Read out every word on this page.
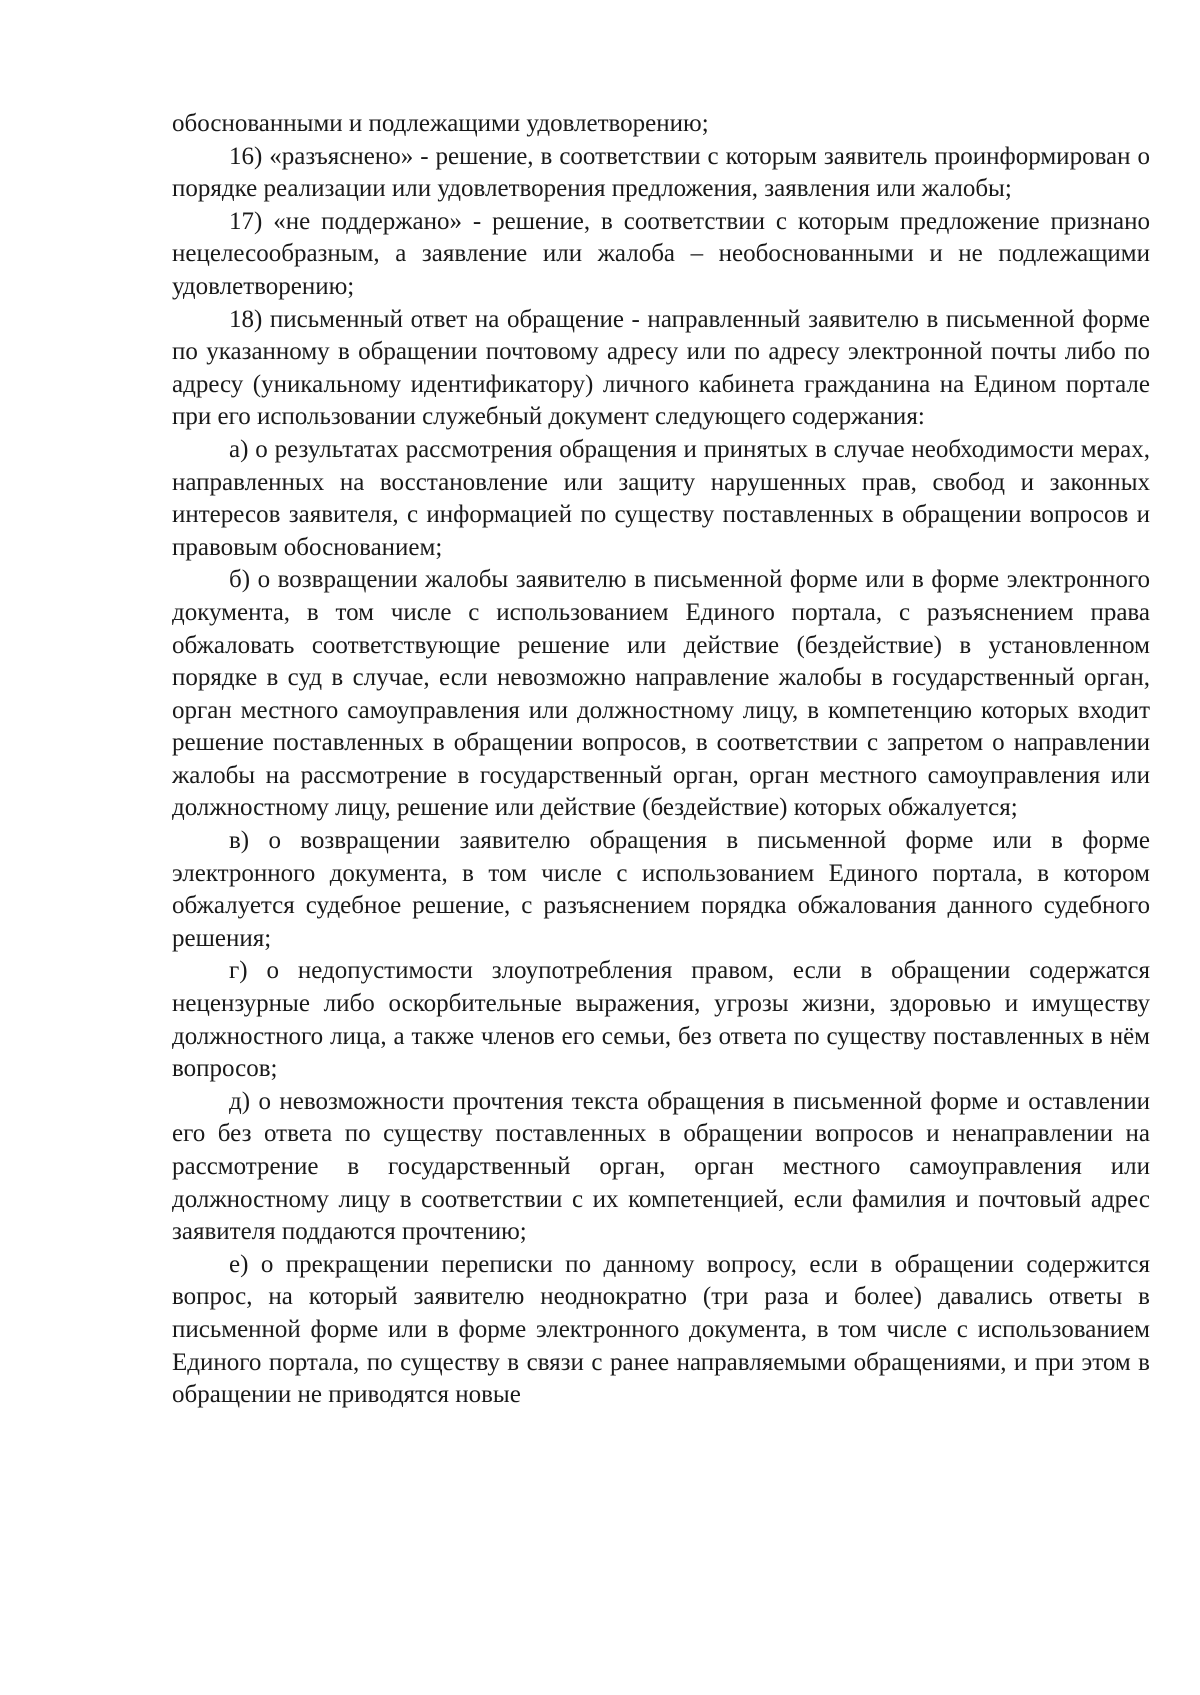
обоснованными и подлежащими удовлетворению;

16) «разъяснено» - решение, в соответствии с которым заявитель проинформирован о порядке реализации или удовлетворения предложения, заявления или жалобы;

17) «не поддержано» - решение, в соответствии с которым предложение признано нецелесообразным, а заявление или жалоба – необоснованными и не подлежащими удовлетворению;

18) письменный ответ на обращение - направленный заявителю в письменной форме по указанному в обращении почтовому адресу или по адресу электронной почты либо по адресу (уникальному идентификатору) личного кабинета гражданина на Едином портале при его использовании служебный документ следующего содержания:

а) о результатах рассмотрения обращения и принятых в случае необходимости мерах, направленных на восстановление или защиту нарушенных прав, свобод и законных интересов заявителя, с информацией по существу поставленных в обращении вопросов и правовым обоснованием;

б) о возвращении жалобы заявителю в письменной форме или в форме электронного документа, в том числе с использованием Единого портала, с разъяснением права обжаловать соответствующие решение или действие (бездействие) в установленном порядке в суд в случае, если невозможно направление жалобы в государственный орган, орган местного самоуправления или должностному лицу, в компетенцию которых входит решение поставленных в обращении вопросов, в соответствии с запретом о направлении жалобы на рассмотрение в государственный орган, орган местного самоуправления или должностному лицу, решение или действие (бездействие) которых обжалуется;

в) о возвращении заявителю обращения в письменной форме или в форме электронного документа, в том числе с использованием Единого портала, в котором обжалуется судебное решение, с разъяснением порядка обжалования данного судебного решения;

г) о недопустимости злоупотребления правом, если в обращении содержатся нецензурные либо оскорбительные выражения, угрозы жизни, здоровью и имуществу должностного лица, а также членов его семьи, без ответа по существу поставленных в нём вопросов;

д) о невозможности прочтения текста обращения в письменной форме и оставлении его без ответа по существу поставленных в обращении вопросов и ненаправлении на рассмотрение в государственный орган, орган местного самоуправления или должностному лицу в соответствии с их компетенцией, если фамилия и почтовый адрес заявителя поддаются прочтению;

е) о прекращении переписки по данному вопросу, если в обращении содержится вопрос, на который заявителю неоднократно (три раза и более) давались ответы в письменной форме или в форме электронного документа, в том числе с использованием Единого портала, по существу в связи с ранее направляемыми обращениями, и при этом в обращении не приводятся новые
